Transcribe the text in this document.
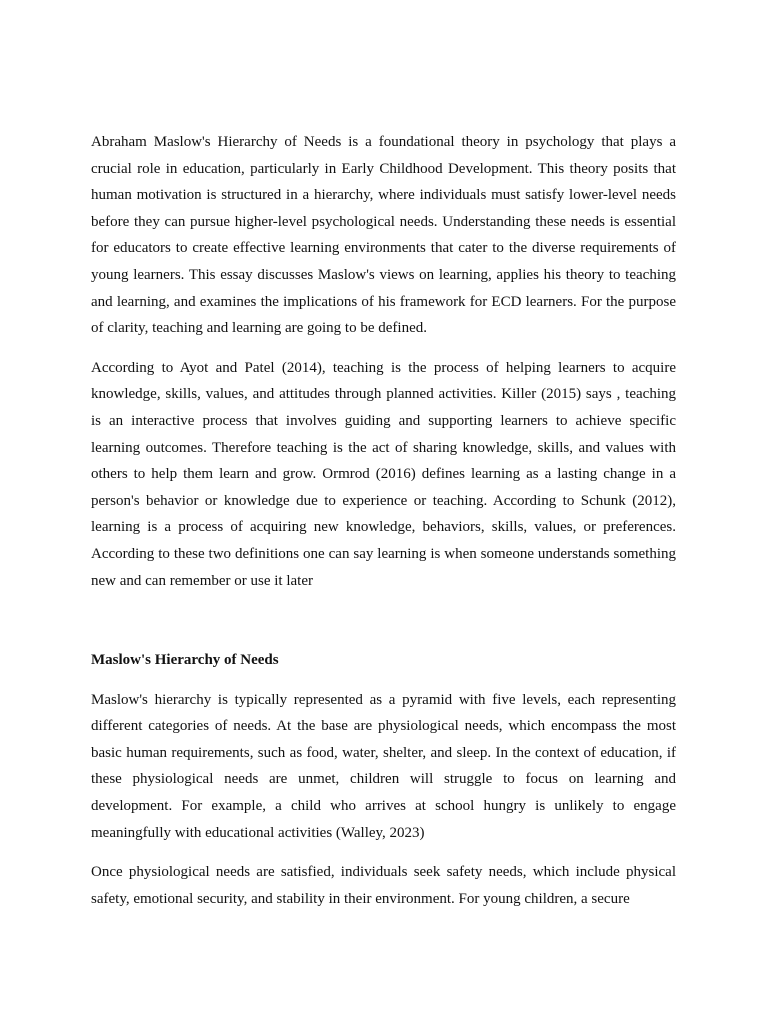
Abraham Maslow's Hierarchy of Needs is a foundational theory in psychology that plays a crucial role in education, particularly in Early Childhood Development. This theory posits that human motivation is structured in a hierarchy, where individuals must satisfy lower-level needs before they can pursue higher-level psychological needs. Understanding these needs is essential for educators to create effective learning environments that cater to the diverse requirements of young learners. This essay discusses Maslow's views on learning, applies his theory to teaching and learning, and examines the implications of his framework for ECD learners. For the purpose of clarity, teaching and learning are going to be defined.

According to Ayot and Patel (2014), teaching is the process of helping learners to acquire knowledge, skills, values, and attitudes through planned activities. Killer (2015) says , teaching is an interactive process that involves guiding and supporting learners to achieve specific learning outcomes. Therefore teaching is the act of sharing knowledge, skills, and values with others to help them learn and grow. Ormrod (2016) defines learning as a lasting change in a person's behavior or knowledge due to experience or teaching. According to Schunk (2012), learning is a process of acquiring new knowledge, behaviors, skills, values, or preferences. According to these two definitions one can say learning is when someone understands something new and can remember or use it later

Maslow's Hierarchy of Needs

Maslow's hierarchy is typically represented as a pyramid with five levels, each representing different categories of needs. At the base are physiological needs, which encompass the most basic human requirements, such as food, water, shelter, and sleep. In the context of education, if these physiological needs are unmet, children will struggle to focus on learning and development. For example, a child who arrives at school hungry is unlikely to engage meaningfully with educational activities (Walley, 2023)

Once physiological needs are satisfied, individuals seek safety needs, which include physical safety, emotional security, and stability in their environment. For young children, a secure
